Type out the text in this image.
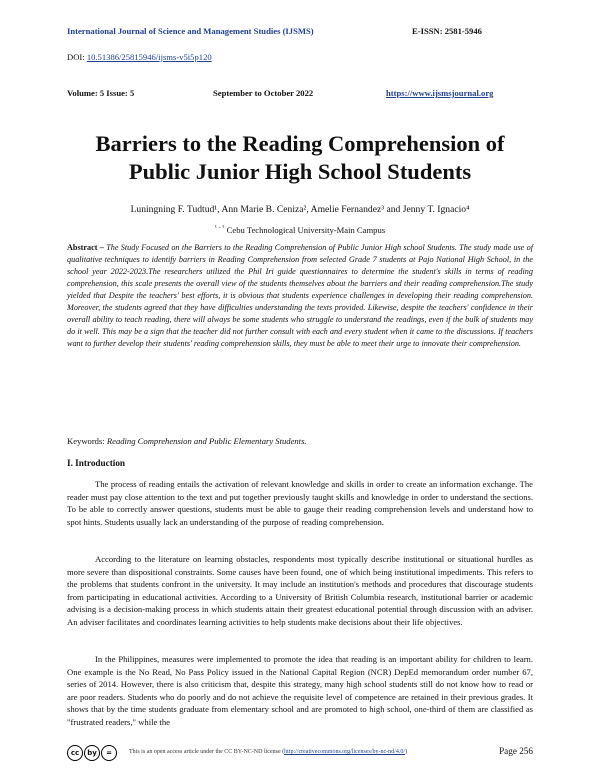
International Journal of Science and Management Studies (IJSMS)	E-ISSN: 2581-5946
DOI: 10.51386/25815946/ijsms-v5i5p120
Volume: 5 Issue: 5	September to October 2022	https://www.ijsmsjournal.org
Barriers to the Reading Comprehension of
Public Junior High School Students
Luningning F. Tudtud¹, Ann Marie B. Ceniza², Amelie Fernandez³ and Jenny T. Ignacio⁴
$^{^1 - ^5}$ Cebu Technological University-Main Campus
Abstract – The Study Focused on the Barriers to the Reading Comprehension of Public Junior High school Students. The study made use of qualitative techniques to identify barriers in Reading Comprehension from selected Grade 7 students at Pajo National High School, in the school year 2022-2023.The researchers utilized the Phil Iri guide questionnaires to determine the student's skills in terms of reading comprehension, this scale presents the overall view of the students themselves about the barriers and their reading comprehension.The study yielded that Despite the teachers' best efforts, it is obvious that students experience challenges in developing their reading comprehension. Moreover, the students agreed that they have difficulties understanding the texts provided. Likewise, despite the teachers' confidence in their overall ability to teach reading, there will always be some students who struggle to understand the readings, even if the bulk of students may do it well. This may be a sign that the teacher did not further consult with each and every student when it came to the discussions. If teachers want to further develop their students' reading comprehension skills, they must be able to meet their urge to innovate their comprehension.
Keywords: Reading Comprehension and Public Elementary Students.
I. Introduction

The process of reading entails the activation of relevant knowledge and skills in order to create an information exchange. The reader must pay close attention to the text and put together previously taught skills and knowledge in order to understand the sections. To be able to correctly answer questions, students must be able to gauge their reading comprehension levels and understand how to spot hints. Students usually lack an understanding of the purpose of reading comprehension.

According to the literature on learning obstacles, respondents most typically describe institutional or situational hurdles as more severe than dispositional constraints. Some causes have been found, one of which being institutional impediments. This refers to the problems that students confront in the university. It may include an institution's methods and procedures that discourage students from participating in educational activities. According to a University of British Columbia research, institutional barrier or academic advising is a decision-making process in which students attain their greatest educational potential through discussion with an adviser. An adviser facilitates and coordinates learning activities to help students make decisions about their life objectives.

In the Philippines, measures were implemented to promote the idea that reading is an important ability for children to learn. One example is the No Read, No Pass Policy issued in the National Capital Region (NCR) DepEd memorandum order number 67, series of 2014. However, there is also criticism that, despite this strategy, many high school students still do not know how to read or are poor readers. Students who do poorly and do not achieve the requisite level of competence are retained in their previous grades. It shows that by the time students graduate from elementary school and are promoted to high school, one-third of them are classified as "frustrated readers," while the

cc	by	=	This is an open access article under the CC BY-NC-ND license (http://creativecommons.org/licenses/by-nc-nd/4.0/)	Page 256
